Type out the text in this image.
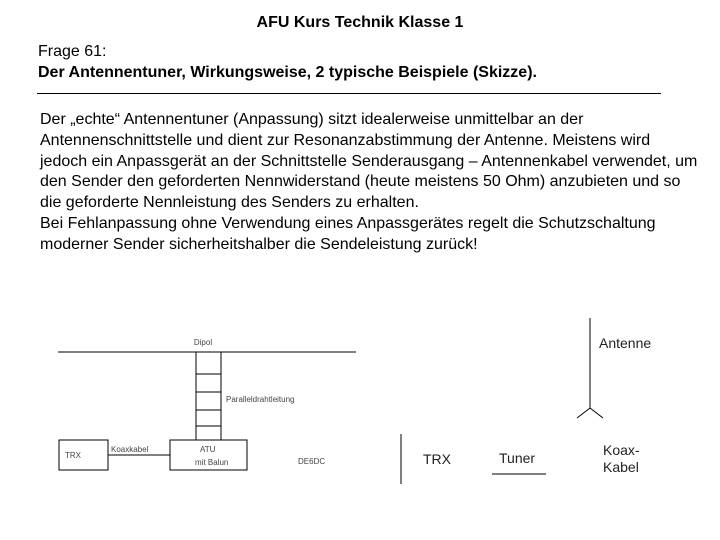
AFU Kurs Technik Klasse 1
Frage 61:
Der Antennentuner, Wirkungsweise, 2 typische Beispiele (Skizze).

Der „echte“ Antennentuner (Anpassung) sitzt idealerweise unmittelbar an der Antennenschnittstelle und dient zur Resonanzabstimmung der Antenne. Meistens wird jedoch ein Anpassgerät an der Schnittstelle Senderausgang – Antennenkabel verwendet, um den Sender den geforderten Nennwiderstand (heute meistens 50 Ohm) anzubieten und so die geforderte Nennleistung des Senders zu erhalten.

Bei Fehlanpassung ohne Verwendung eines Anpassgerätes regelt die Schutzschaltung moderner Sender sicherheitshalber die Sendeleistung zurück!

Dipol
Paralleldrahtleitung
TRX
Koaxkabel	ATU
mit Balun	DE6DC
Antenne
TRX	Tuner	Koax-
Kabel
